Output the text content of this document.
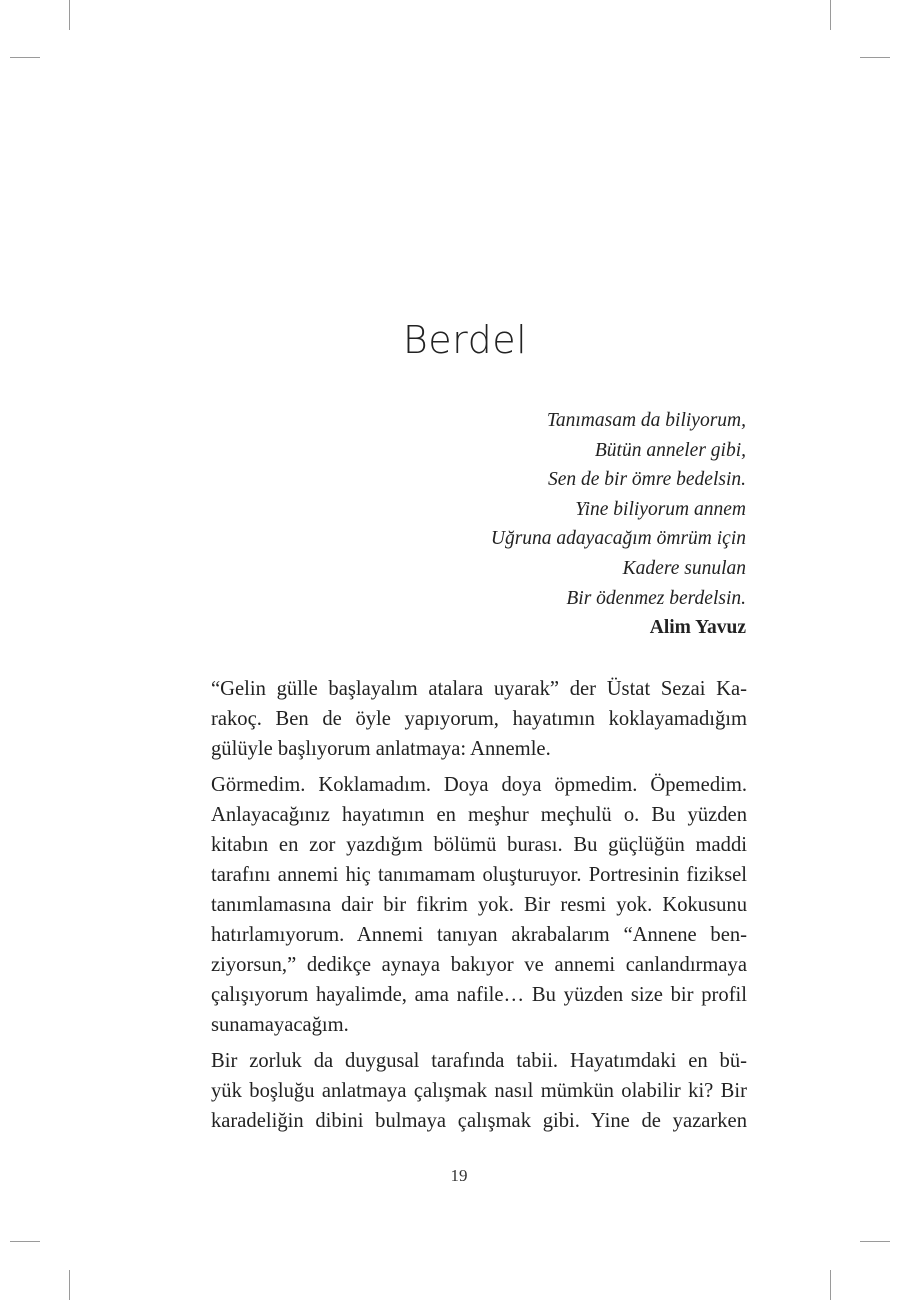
Berdel
Tanımasam da biliyorum,
Bütün anneler gibi,
Sen de bir ömre bedelsin.
Yine biliyorum annem
Uğruna adayacağım ömrüm için
Kadere sunulan
Bir ödenmez berdelsin.
Alim Yavuz
“Gelin gülle başlayalım atalara uyarak” der Üstat Sezai Ka-
rakoç. Ben de öyle yapıyorum, hayatımın koklayamadığım
gülüyle başlıyorum anlatmaya: Annemle.
Görmedim. Koklamadım. Doya doya öpmedim. Öpemedim.
Anlayacağınız hayatımın en meşhur meçhulü o. Bu yüzden
kitabın en zor yazdığım bölümü burası. Bu güçlüğün maddi
tarafını annemi hiç tanımamam oluşturuyor. Portresinin fiziksel
tanımlamasına dair bir fikrim yok. Bir resmi yok. Kokusunu
hatırlamıyorum. Annemi tanıyan akrabalarım “Annene ben-
ziyorsun,” dedikçe aynaya bakıyor ve annemi canlandırmaya
çalışıyorum hayalimde, ama nafile… Bu yüzden size bir profil
sunamayacağım.
Bir zorluk da duygusal tarafında tabii. Hayatımdaki en bü-
yük boşluğu anlatmaya çalışmak nasıl mümkün olabilir ki? Bir
karadeliğin dibini bulmaya çalışmak gibi. Yine de yazarken
19
